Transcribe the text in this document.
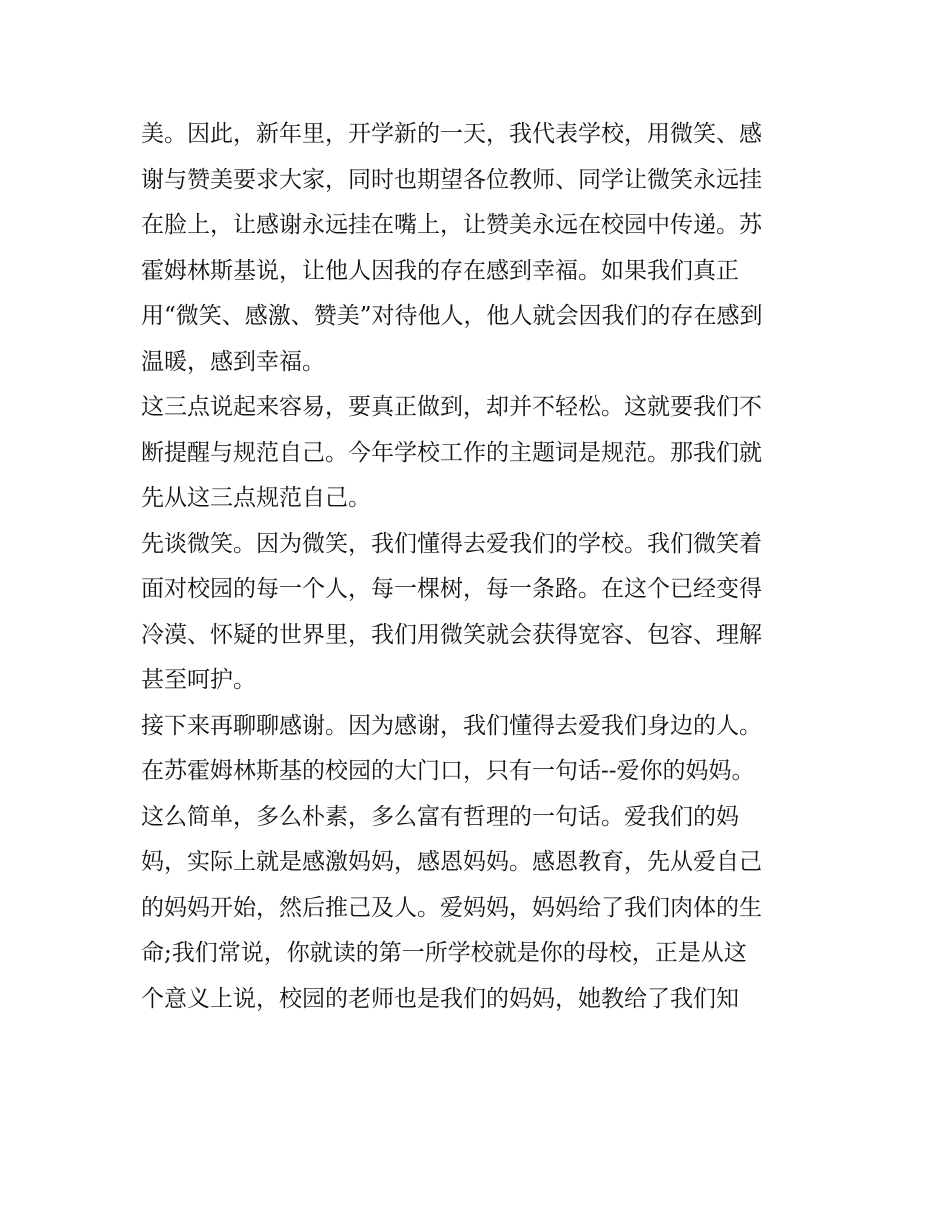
美。因此，新年里，开学新的一天，我代表学校，用微笑、感
谢与赞美要求大家，同时也期望各位教师、同学让微笑永远挂
在脸上，让感谢永远挂在嘴上，让赞美永远在校园中传递。苏
霍姆林斯基说，让他人因我的存在感到幸福。如果我们真正
用“微笑、感激、赞美”对待他人，他人就会因我们的存在感到
温暖，感到幸福。
这三点说起来容易，要真正做到，却并不轻松。这就要我们不
断提醒与规范自己。今年学校工作的主题词是规范。那我们就
先从这三点规范自己。
先谈微笑。因为微笑，我们懂得去爱我们的学校。我们微笑着
面对校园的每一个人，每一棵树，每一条路。在这个已经变得
冷漠、怀疑的世界里，我们用微笑就会获得宽容、包容、理解
甚至呵护。
接下来再聊聊感谢。因为感谢，我们懂得去爱我们身边的人。
在苏霍姆林斯基的校园的大门口，只有一句话--爱你的妈妈。
这么简单，多么朴素，多么富有哲理的一句话。爱我们的妈
妈，实际上就是感激妈妈，感恩妈妈。感恩教育，先从爱自己
的妈妈开始，然后推己及人。爱妈妈，妈妈给了我们肉体的生
命;我们常说，你就读的第一所学校就是你的母校，正是从这
个意义上说，校园的老师也是我们的妈妈，她教给了我们知
